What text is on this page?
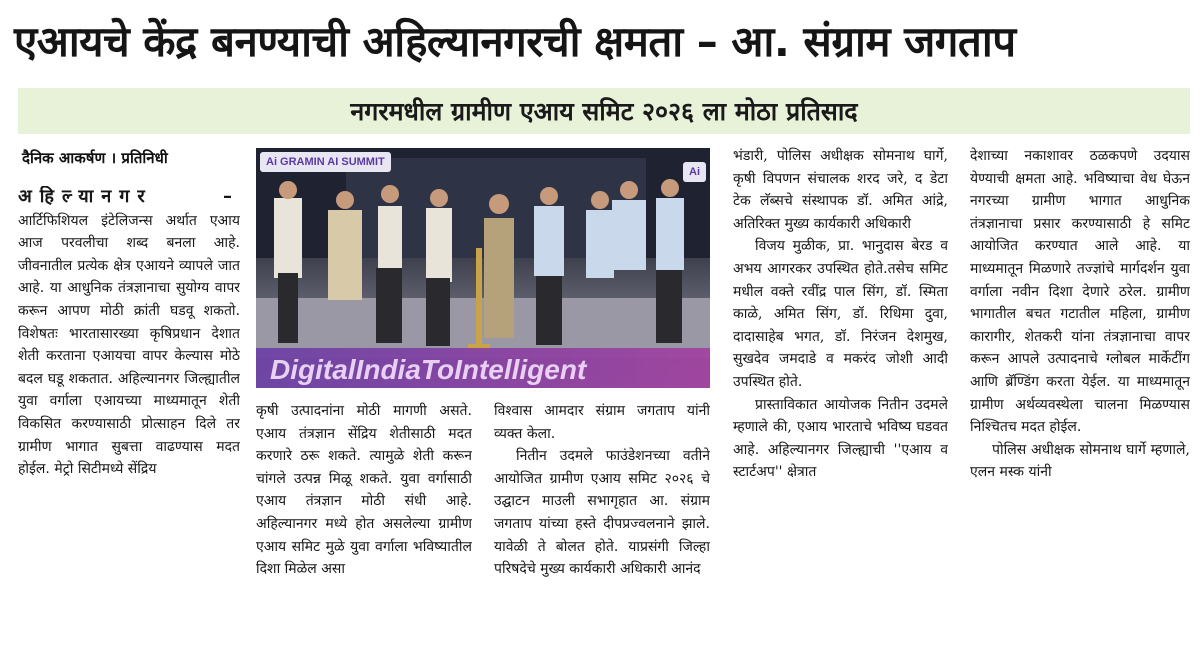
एआयचे केंद्र बनण्याची अहिल्यानगरची क्षमता – आ. संग्राम जगताप
नगरमधील ग्रामीण एआय समिट २०२६ ला मोठा प्रतिसाद
दैनिक आकर्षण । प्रतिनिधी

अहिल्यानगर – आर्टिफिशियल इंटेलिजन्स अर्थात एआय आज परवलीचा शब्द बनला आहे. जीवनातील प्रत्येक क्षेत्र एआयने व्यापले जात आहे. या आधुनिक तंत्रज्ञानाचा सुयोग्य वापर करून आपण मोठी क्रांती घडवू शकतो. विशेषतः भारतासारख्या कृषिप्रधान देशात शेती करताना एआयचा वापर केल्यास मोठे बदल घडू शकतात. अहिल्यानगर जिल्ह्यातील युवा वर्गाला एआयच्या माध्यमातून शेती विकसित करण्यासाठी प्रोत्साहन दिले तर ग्रामीण भागात सुबत्ता वाढण्यास मदत होईल. मेट्रो सिटीमध्ये सेंद्रिय

Ai GRAMIN AI SUMMIT
Ai
DigitalIndiaToIntelligent

कृषी उत्पादनांना मोठी मागणी असते. एआय तंत्रज्ञान सेंद्रिय शेतीसाठी मदत करणारे ठरू शकते. त्यामुळे शेती करून चांगले उत्पन्न मिळू शकते. युवा वर्गासाठी एआय तंत्रज्ञान मोठी संधी आहे. अहिल्यानगर मध्ये होत असलेल्या ग्रामीण एआय समिट मुळे युवा वर्गाला भविष्यातील दिशा मिळेल असा

विश्वास आमदार संग्राम जगताप यांनी व्यक्त केला.

नितीन उदमले फाउंडेशनच्या वतीने आयोजित ग्रामीण एआय समिट २०२६ चे उद्घाटन माउली सभागृहात आ. संग्राम जगताप यांच्या हस्ते दीपप्रज्वलनाने झाले. यावेळी ते बोलत होते. याप्रसंगी जिल्हा परिषदेचे मुख्य कार्यकारी अधिकारी आनंद

भंडारी, पोलिस अधीक्षक सोमनाथ घार्गे, कृषी विपणन संचालक शरद जरे, द डेटा टेक लॅब्सचे संस्थापक डॉ. अमित आंद्रे, अतिरिक्त मुख्य कार्यकारी अधिकारी

विजय मुळीक, प्रा. भानुदास बेरड व अभय आगरकर उपस्थित होते.तसेच समिट मधील वक्ते रवींद्र पाल सिंग, डॉ. स्मिता काळे, अमित सिंग, डॉ. रिधिमा दुवा, दादासाहेब भगत, डॉ. निरंजन देशमुख, सुखदेव जमदाडे व मकरंद जोशी आदी उपस्थित होते.

प्रास्ताविकात आयोजक नितीन उदमले म्हणाले की, एआय भारताचे भविष्य घडवत आहे. अहिल्यानगर जिल्ह्याची ''एआय व स्टार्टअप'' क्षेत्रात

देशाच्या नकाशावर ठळकपणे उदयास येण्याची क्षमता आहे. भविष्याचा वेध घेऊन नगरच्या ग्रामीण भागात आधुनिक तंत्रज्ञानाचा प्रसार करण्यासाठी हे समिट आयोजित करण्यात आले आहे. या माध्यमातून मिळणारे तज्ज्ञांचे मार्गदर्शन युवा वर्गाला नवीन दिशा देणारे ठरेल. ग्रामीण भागातील बचत गटातील महिला, ग्रामीण कारागीर, शेतकरी यांना तंत्रज्ञानाचा वापर करून आपले उत्पादनाचे ग्लोबल मार्केटींग आणि ब्रॅण्डिंग करता येईल. या माध्यमातून ग्रामीण अर्थव्यवस्थेला चालना मिळण्यास निश्चितच मदत होईल.

पोलिस अधीक्षक सोमनाथ घार्गे म्हणाले, एलन मस्क यांनी
